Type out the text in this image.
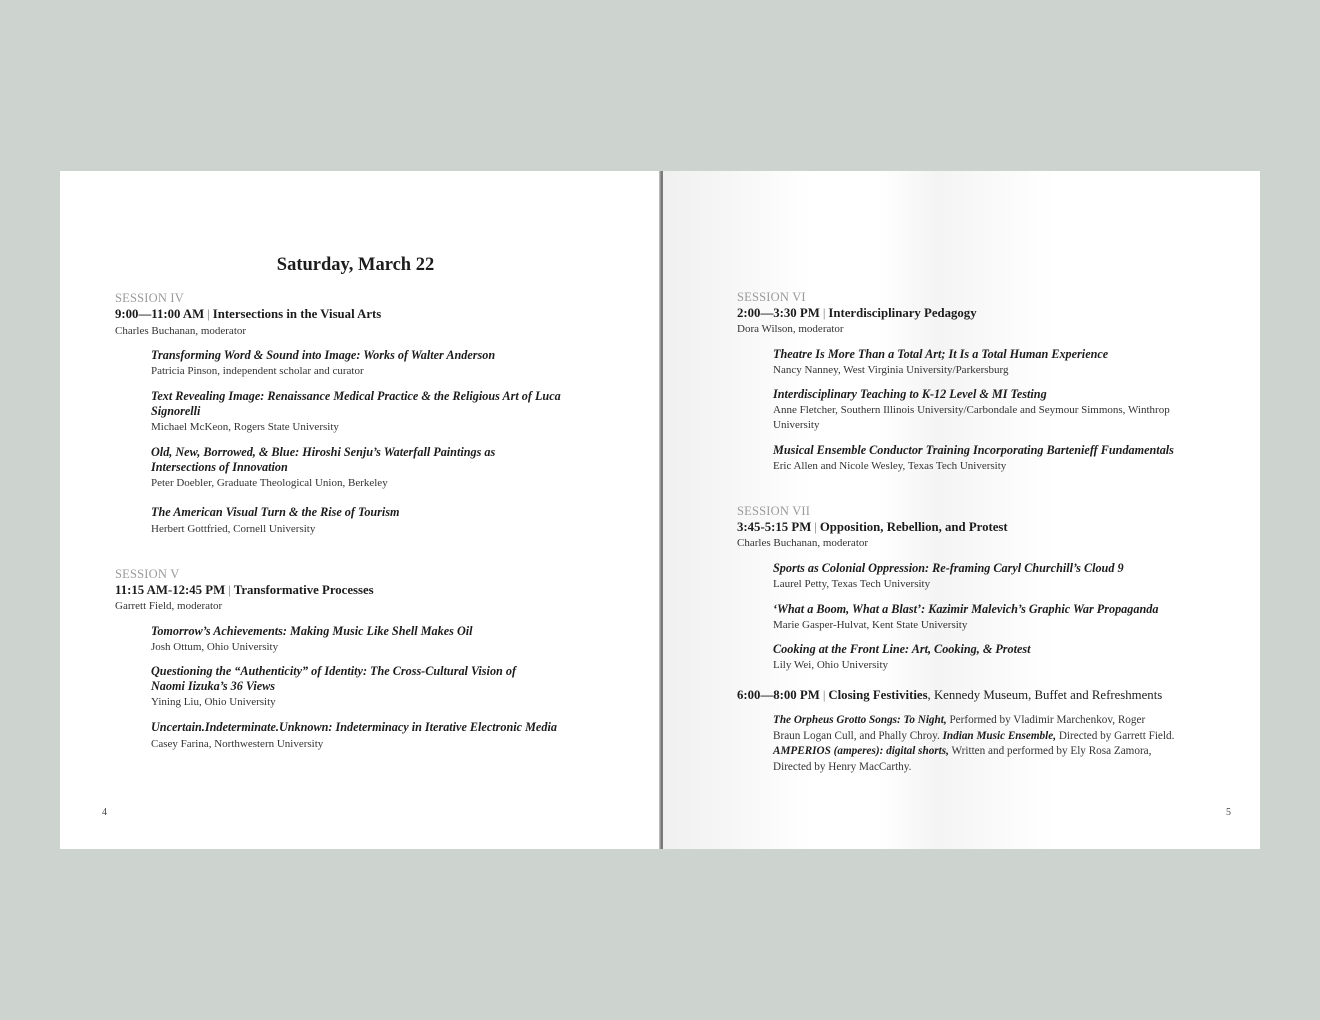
Saturday, March 22
SESSION IV
9:00—11:00 AM | Intersections in the Visual Arts
Charles Buchanan, moderator
Transforming Word & Sound into Image: Works of Walter Anderson
Patricia Pinson, independent scholar and curator
Text Revealing Image: Renaissance Medical Practice & the Religious Art of Luca Signorelli
Michael McKeon, Rogers State University
Old, New, Borrowed, & Blue: Hiroshi Senju’s Waterfall Paintings as Intersections of Innovation
Peter Doebler, Graduate Theological Union, Berkeley
The American Visual Turn & the Rise of Tourism
Herbert Gottfried, Cornell University
SESSION V
11:15 AM-12:45 PM | Transformative Processes
Garrett Field, moderator
Tomorrow’s Achievements: Making Music Like Shell Makes Oil
Josh Ottum, Ohio University
Questioning the “Authenticity” of Identity: The Cross-Cultural Vision of Naomi Iizuka’s 36 Views
Yining Liu, Ohio University
Uncertain.Indeterminate.Unknown: Indeterminacy in Iterative Electronic Media
Casey Farina, Northwestern University
4
SESSION VI
2:00—3:30 PM | Interdisciplinary Pedagogy
Dora Wilson, moderator
Theatre Is More Than a Total Art; It Is a Total Human Experience
Nancy Nanney, West Virginia University/Parkersburg
Interdisciplinary Teaching to K-12 Level & MI Testing
Anne Fletcher, Southern Illinois University/Carbondale and Seymour Simmons, Winthrop University
Musical Ensemble Conductor Training Incorporating Bartenieff Fundamentals
Eric Allen and Nicole Wesley, Texas Tech University
SESSION VII
3:45-5:15 PM | Opposition, Rebellion, and Protest
Charles Buchanan, moderator
Sports as Colonial Oppression: Re-framing Caryl Churchill’s Cloud 9
Laurel Petty, Texas Tech University
‘What a Boom, What a Blast’: Kazimir Malevich’s Graphic War Propaganda
Marie Gasper-Hulvat, Kent State University
Cooking at the Front Line: Art, Cooking, & Protest
Lily Wei, Ohio University
6:00—8:00 PM | Closing Festivities, Kennedy Museum, Buffet and Refreshments
The Orpheus Grotto Songs: To Night, Performed by Vladimir Marchenkov, Roger
Braun Logan Cull, and Phally Chroy. Indian Music Ensemble, Directed by Garrett Field.
AMPERIOS (amperes): digital shorts, Written and performed by Ely Rosa Zamora,
Directed by Henry MacCarthy.
5
